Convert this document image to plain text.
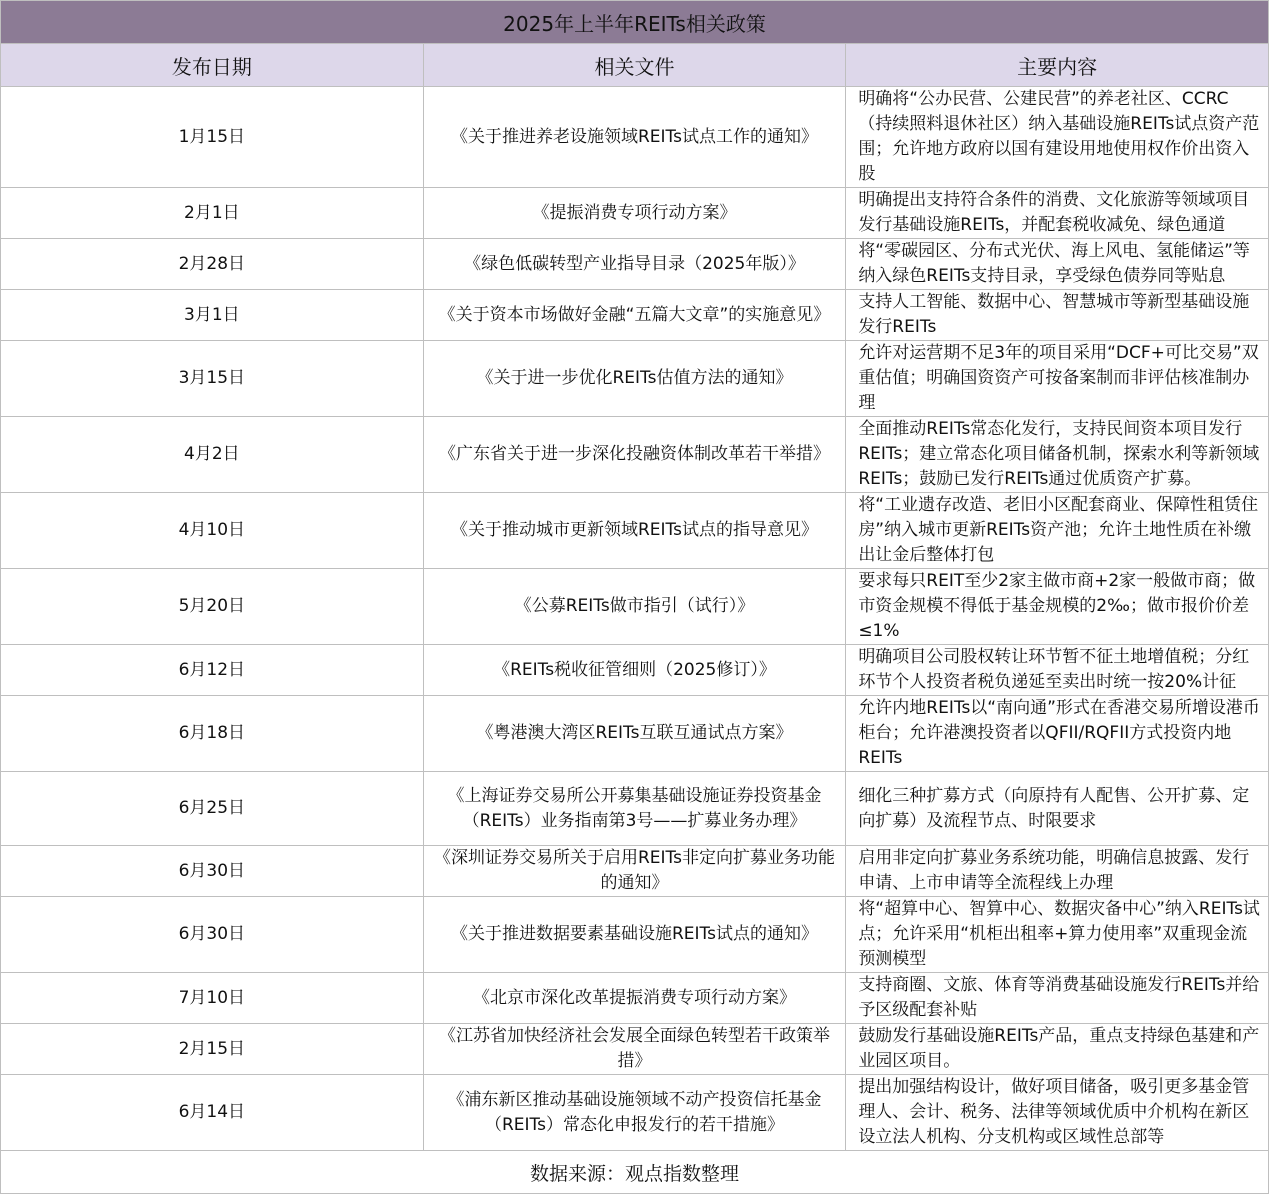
2025年上半年REITs相关政策		
发布日期	相关文件	主要内容
1月15日	《关于推进养老设施领域REITs试点工作的通知》	明确将“公办民营、公建民营”的养老社区、CCRC（持续照料退休社区）纳入基础设施REITs试点资产范围；允许地方政府以国有建设用地使用权作价出资入股
2月1日	《提振消费专项行动方案》	明确提出支持符合条件的消费、文化旅游等领域项目发行基础设施REITs，并配套税收减免、绿色通道
2月28日	《绿色低碳转型产业指导目录（2025年版）》	将“零碳园区、分布式光伏、海上风电、氢能储运”等纳入绿色REITs支持目录，享受绿色债券同等贴息
3月1日	《关于资本市场做好金融“五篇大文章”的实施意见》	支持人工智能、数据中心、智慧城市等新型基础设施发行REITs
3月15日	《关于进一步优化REITs估值方法的通知》	允许对运营期不足3年的项目采用“DCF+可比交易”双重估值；明确国资资产可按备案制而非评估核准制办理
4月2日	《广东省关于进一步深化投融资体制改革若干举措》	全面推动REITs常态化发行，支持民间资本项目发行REITs；建立常态化项目储备机制，探索水利等新领域REITs；鼓励已发行REITs通过优质资产扩募。
4月10日	《关于推动城市更新领域REITs试点的指导意见》	将“工业遗存改造、老旧小区配套商业、保障性租赁住房”纳入城市更新REITs资产池；允许土地性质在补缴出让金后整体打包
5月20日	《公募REITs做市指引（试行）》	要求每只REIT至少2家主做市商+2家一般做市商；做市资金规模不得低于基金规模的2‰；做市报价价差≤1%
6月12日	《REITs税收征管细则（2025修订）》	明确项目公司股权转让环节暂不征土地增值税；分红环节个人投资者税负递延至卖出时统一按20%计征
6月18日	《粤港澳大湾区REITs互联互通试点方案》	允许内地REITs以“南向通”形式在香港交易所增设港币柜台；允许港澳投资者以QFII/RQFII方式投资内地REITs
6月25日	《上海证券交易所公开募集基础设施证券投资基金（REITs）业务指南第3号——扩募业务办理》	细化三种扩募方式（向原持有人配售、公开扩募、定向扩募）及流程节点、时限要求
6月30日	《深圳证券交易所关于启用REITs非定向扩募业务功能的通知》	启用非定向扩募业务系统功能，明确信息披露、发行申请、上市申请等全流程线上办理
6月30日	《关于推进数据要素基础设施REITs试点的通知》	将“超算中心、智算中心、数据灾备中心”纳入REITs试点；允许采用“机柜出租率+算力使用率”双重现金流预测模型
7月10日	《北京市深化改革提振消费专项行动方案》	支持商圈、文旅、体育等消费基础设施发行REITs并给予区级配套补贴
2月15日	《江苏省加快经济社会发展全面绿色转型若干政策举措》	鼓励发行基础设施REITs产品，重点支持绿色基建和产业园区项目。
6月14日	《浦东新区推动基础设施领域不动产投资信托基金（REITs）常态化申报发行的若干措施》	提出加强结构设计，做好项目储备，吸引更多基金管理人、会计、税务、法律等领域优质中介机构在新区设立法人机构、分支机构或区域性总部等
数据来源：观点指数整理		
